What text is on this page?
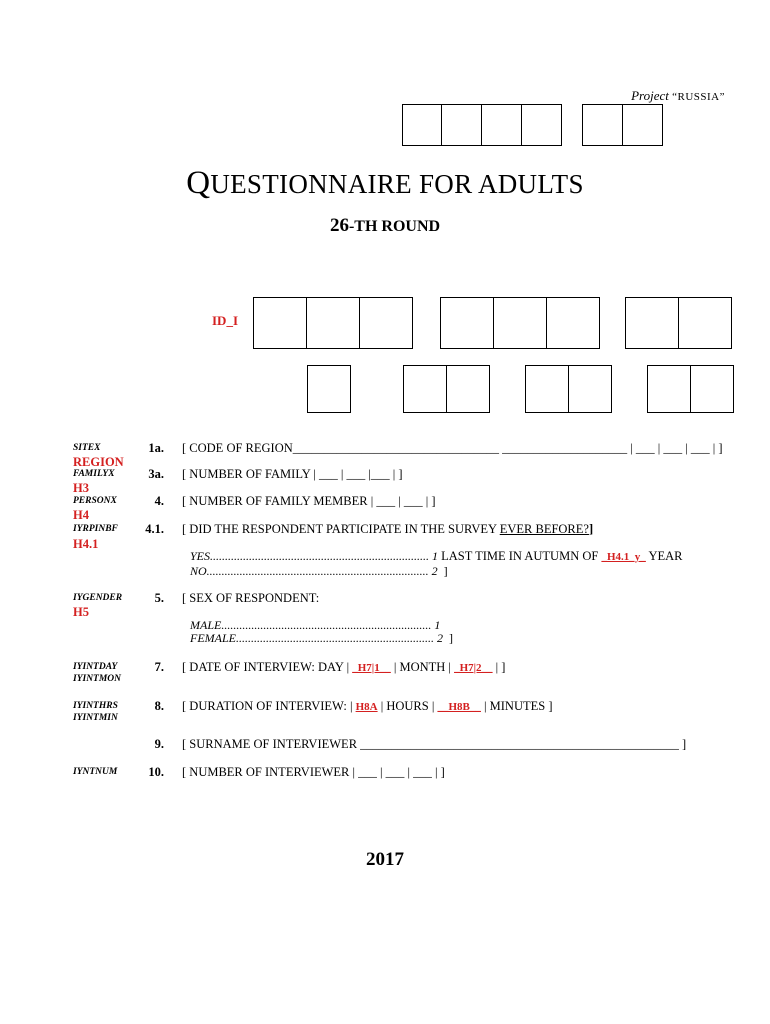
Project “RUSSIA”
QUESTIONNAIRE FOR ADULTS
26-TH ROUND
ID_I
SITEX
REGION
1a. [ CODE OF REGION_________________________________ ____________________ | ___ | ___ | ___ | ]
FAMILYX
H3
3a. [ NUMBER OF FAMILY | ___ | ___ |___ | ]
PERSONX
H4
4. [ NUMBER OF FAMILY MEMBER | ___ | ___ | ]
IYRPINBF
H4.1
4.1. [ DID THE RESPONDENT PARTICIPATE IN THE SURVEY EVER BEFORE?]
YES......................................................................... 1 LAST TIME IN AUTUMN OF _H4.1_y_ YEAR
NO.......................................................................... 2 ]
IYGENDER
H5
5. [ SEX OF RESPONDENT:
MALE...................................................................... 1
FEMALE.................................................................. 2 ]
IYINTDAY
IYINTMON
7. [ DATE OF INTERVIEW: DAY | _H7|1__ | MONTH | _H7|2__ | ]
IYINTHRS
IYINTMIN
8. [ DURATION OF INTERVIEW: | H8A | HOURS | __H8B__ | MINUTES ]
9. [ SURNAME OF INTERVIEWER ___________________________________________________ ]
IYNTNUM	10. [ NUMBER OF INTERVIEWER | ___ | ___ | ___ | ]
2017
